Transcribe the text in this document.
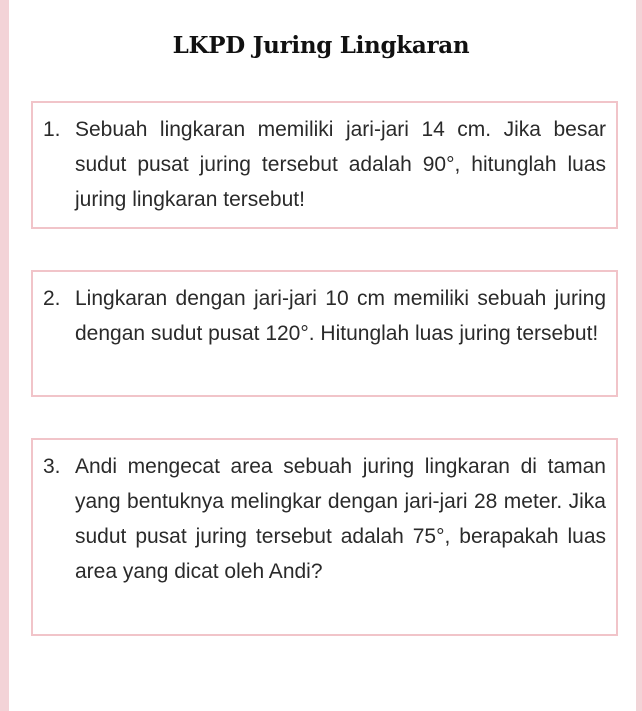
LKPD Juring Lingkaran
1. Sebuah lingkaran memiliki jari-jari 14 cm. Jika besar sudut pusat juring tersebut adalah 90°, hitunglah luas juring lingkaran tersebut!
2. Lingkaran dengan jari-jari 10 cm memiliki sebuah juring dengan sudut pusat 120°. Hitunglah luas juring tersebut!
3. Andi mengecat area sebuah juring lingkaran di taman yang bentuknya melingkar dengan jari-jari 28 meter. Jika sudut pusat juring tersebut adalah 75°, berapakah luas area yang dicat oleh Andi?
